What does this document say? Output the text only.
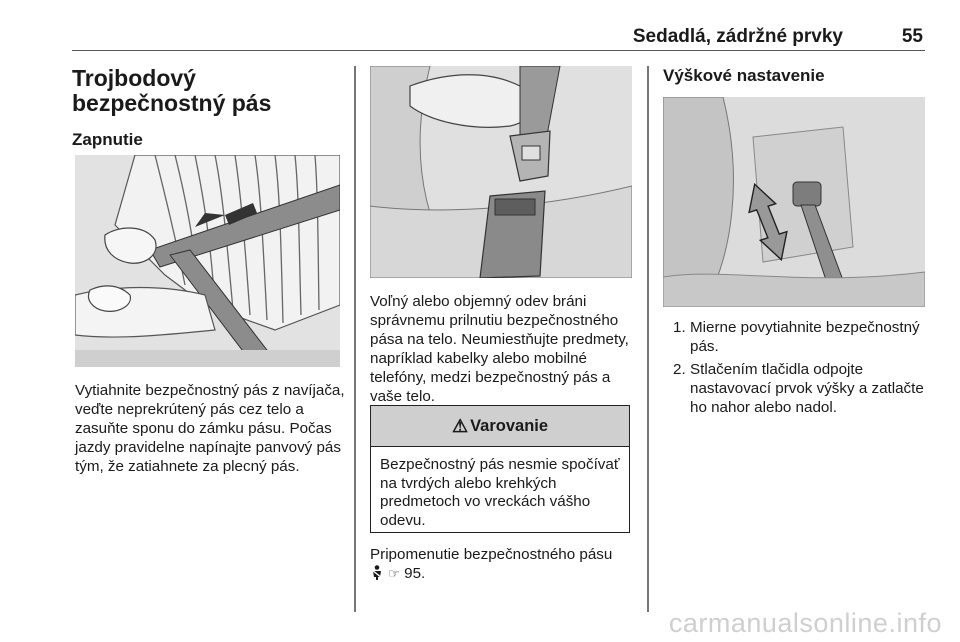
Sedadlá, zádržné prvky	55
Trojbodový bezpečnostný pás
Zapnutie

Vytiahnite bezpečnostný pás z navíjača, veďte neprekrútený pás cez telo a zasuňte sponu do zámku pásu. Počas jazdy pravidelne napínajte panvový pás tým, že zatiahnete za plecný pás.

Voľný alebo objemný odev bráni správnemu prilnutiu bezpečnostného pása na telo. Neumiestňujte predmety, napríklad kabelky alebo mobilné telefóny, medzi bezpečnostný pás a vaše telo.

⚠ Varovanie

Bezpečnostný pás nesmie spočívať na tvrdých alebo krehkých predmetoch vo vreckách vášho odevu.

Pripomenutie bezpečnostného pásu
☞ 95.
Výškové nastavenie
1. Mierne povytiahnite bezpečnostný pás.
2. Stlačením tlačidla odpojte nastavovací prvok výšky a zatlačte ho nahor alebo nadol.
carmanualsonline.info
